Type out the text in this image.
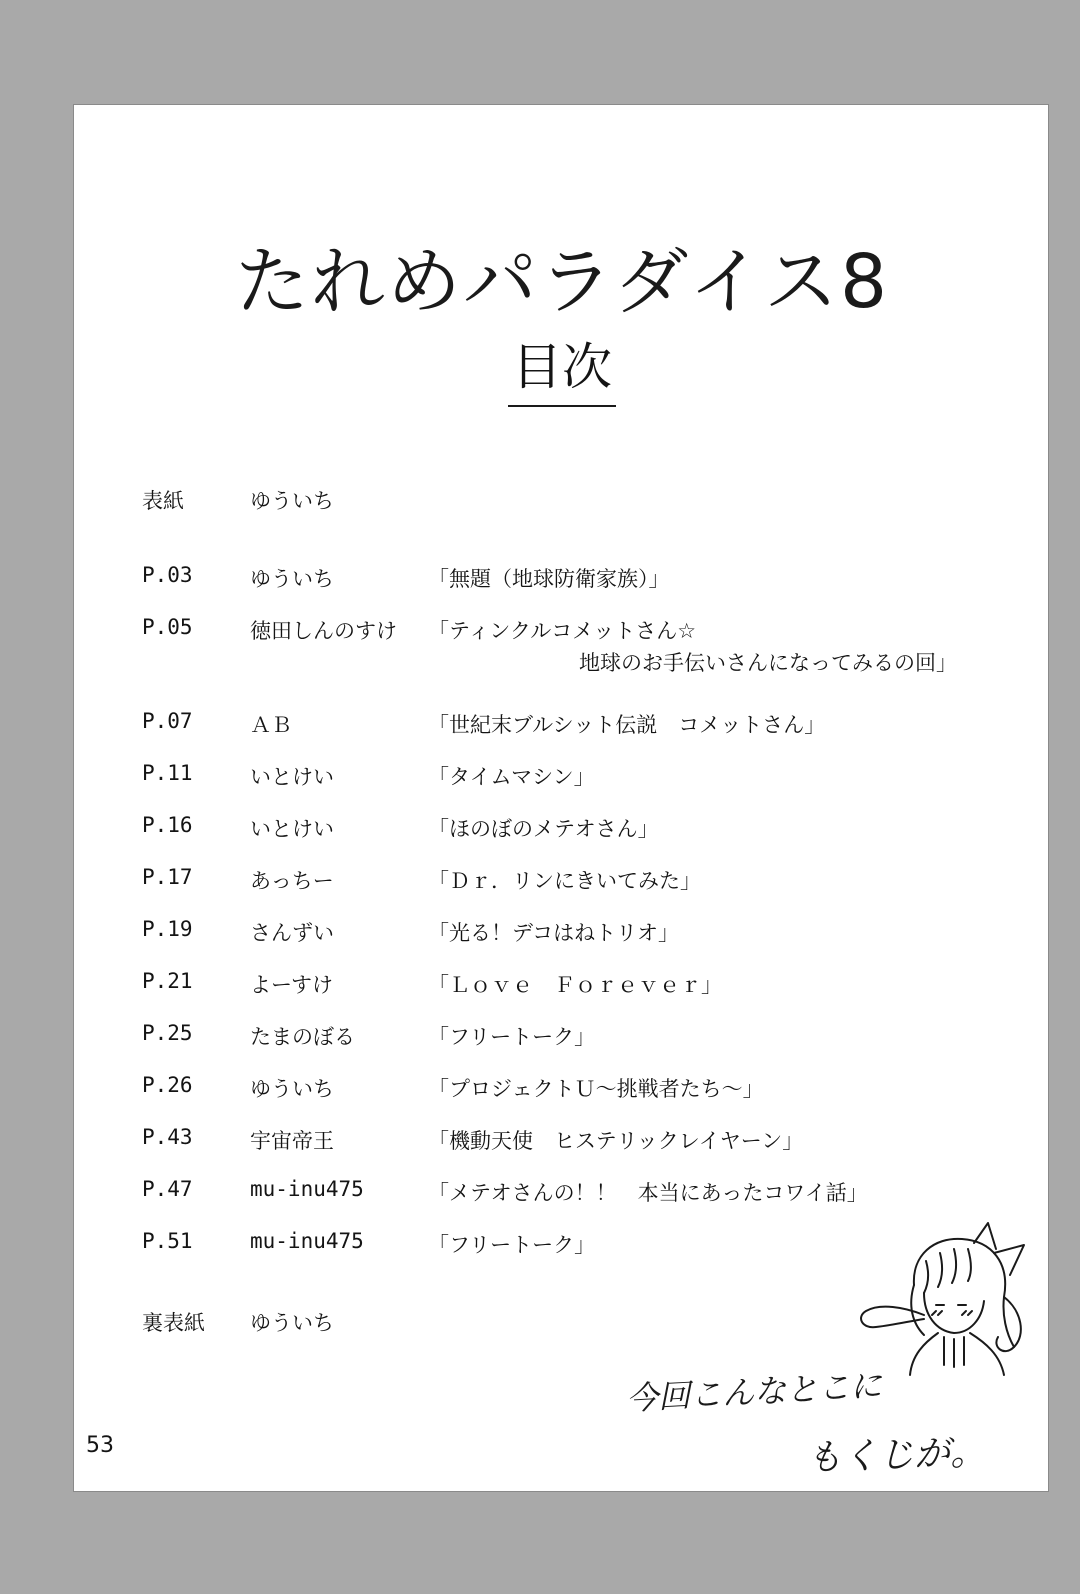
たれめパラダイス8
目次
表紙	ゆういち
P.03	ゆういち	「無題（地球防衛家族）」
P.05	徳田しんのすけ 「ティンクルコメットさん☆
地球のお手伝いさんになってみるの回」
P.07	ＡＢ	「世紀末ブルシット伝説　コメットさん」
P.11	いとけい	「タイムマシン」
P.16	いとけい	「ほのぼのメテオさん」
P.17	あっちー	「Ｄｒ．リンにきいてみた」
P.19	さんずい	「光る！デコはねトリオ」
P.21	よーすけ	「Ｌｏｖｅ　Ｆｏｒｅｖｅｒ」
P.25	たまのぼる	「フリートーク」
P.26	ゆういち	「プロジェクトＵ～挑戦者たち～」
P.43	宇宙帝王	「機動天使　ヒステリックレイヤーン」
P.47	mu-inu475	「メテオさんの！！　本当にあったコワイ話」
P.51	mu-inu475	「フリートーク」
裏表紙 ゆういち
今回こんなとこに
もくじが。
53
